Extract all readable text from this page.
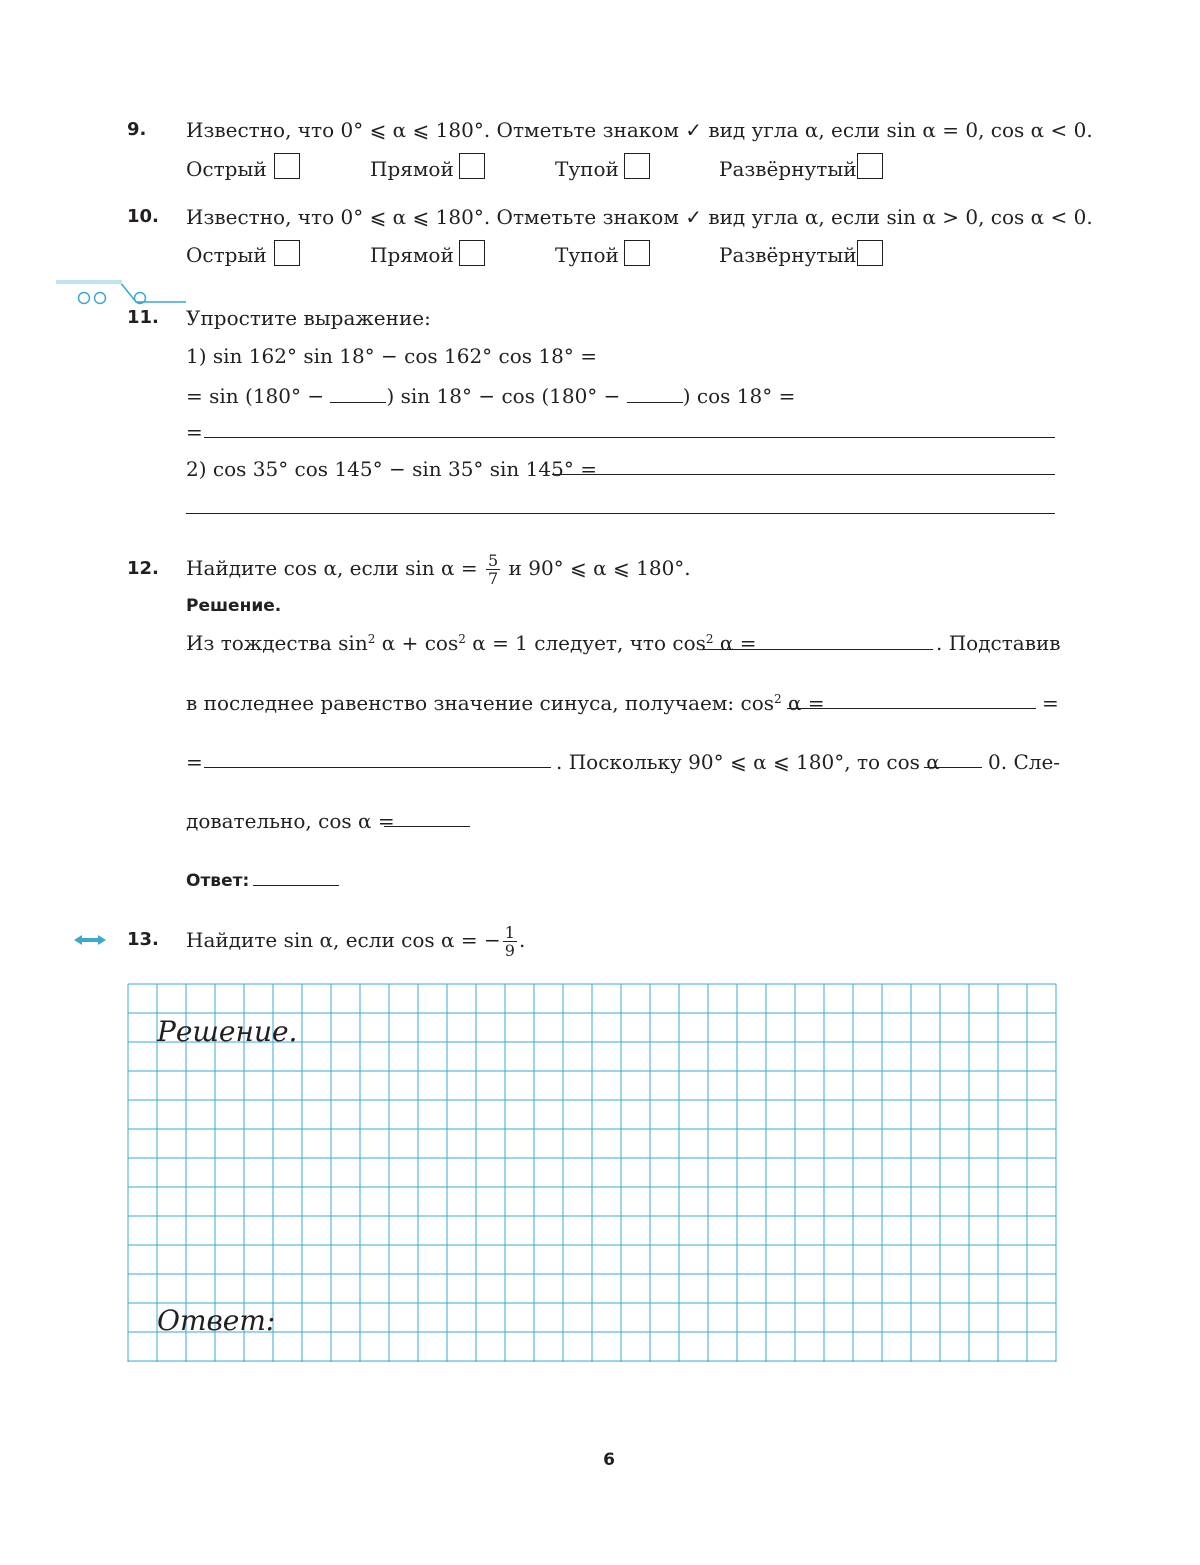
9. Известно, что 0° ⩽ α ⩽ 180°. Отметьте знаком ✓ вид угла α, если sin α = 0, cos α < 0.
Острый	Прямой	Тупой	Развёрнутый
10. Известно, что 0° ⩽ α ⩽ 180°. Отметьте знаком ✓ вид угла α, если sin α > 0, cos α < 0.
Острый	Прямой	Тупой	Развёрнутый
11. Упростите выражение:
1) sin 162° sin 18° − cos 162° cos 18° =
= sin (180° −	) sin 18° − cos (180° −	) cos 18° =
=
2) cos 35° cos 145° − sin 35° sin 145° =
12. Найдите cos α, если $\sin \alpha = \frac{5}{7}$ и 90° ⩽ α ⩽ 180°.
Решение.
Из тождества $\sin^2 \alpha + \cos^2 \alpha = 1$ следует, что $\cos^2 \alpha$ =	. Подставив
в последнее равенство значение синуса, получаем: $\cos^2 \alpha$ =	=
=	. Поскольку 90° ⩽ α ⩽ 180°, то cos α 0. Сле-
довательно, cos α =
Ответ:
13. Найдите sin α, если cos α = − $\frac{1}{9}$ .
Решение.
Ответ:
6
